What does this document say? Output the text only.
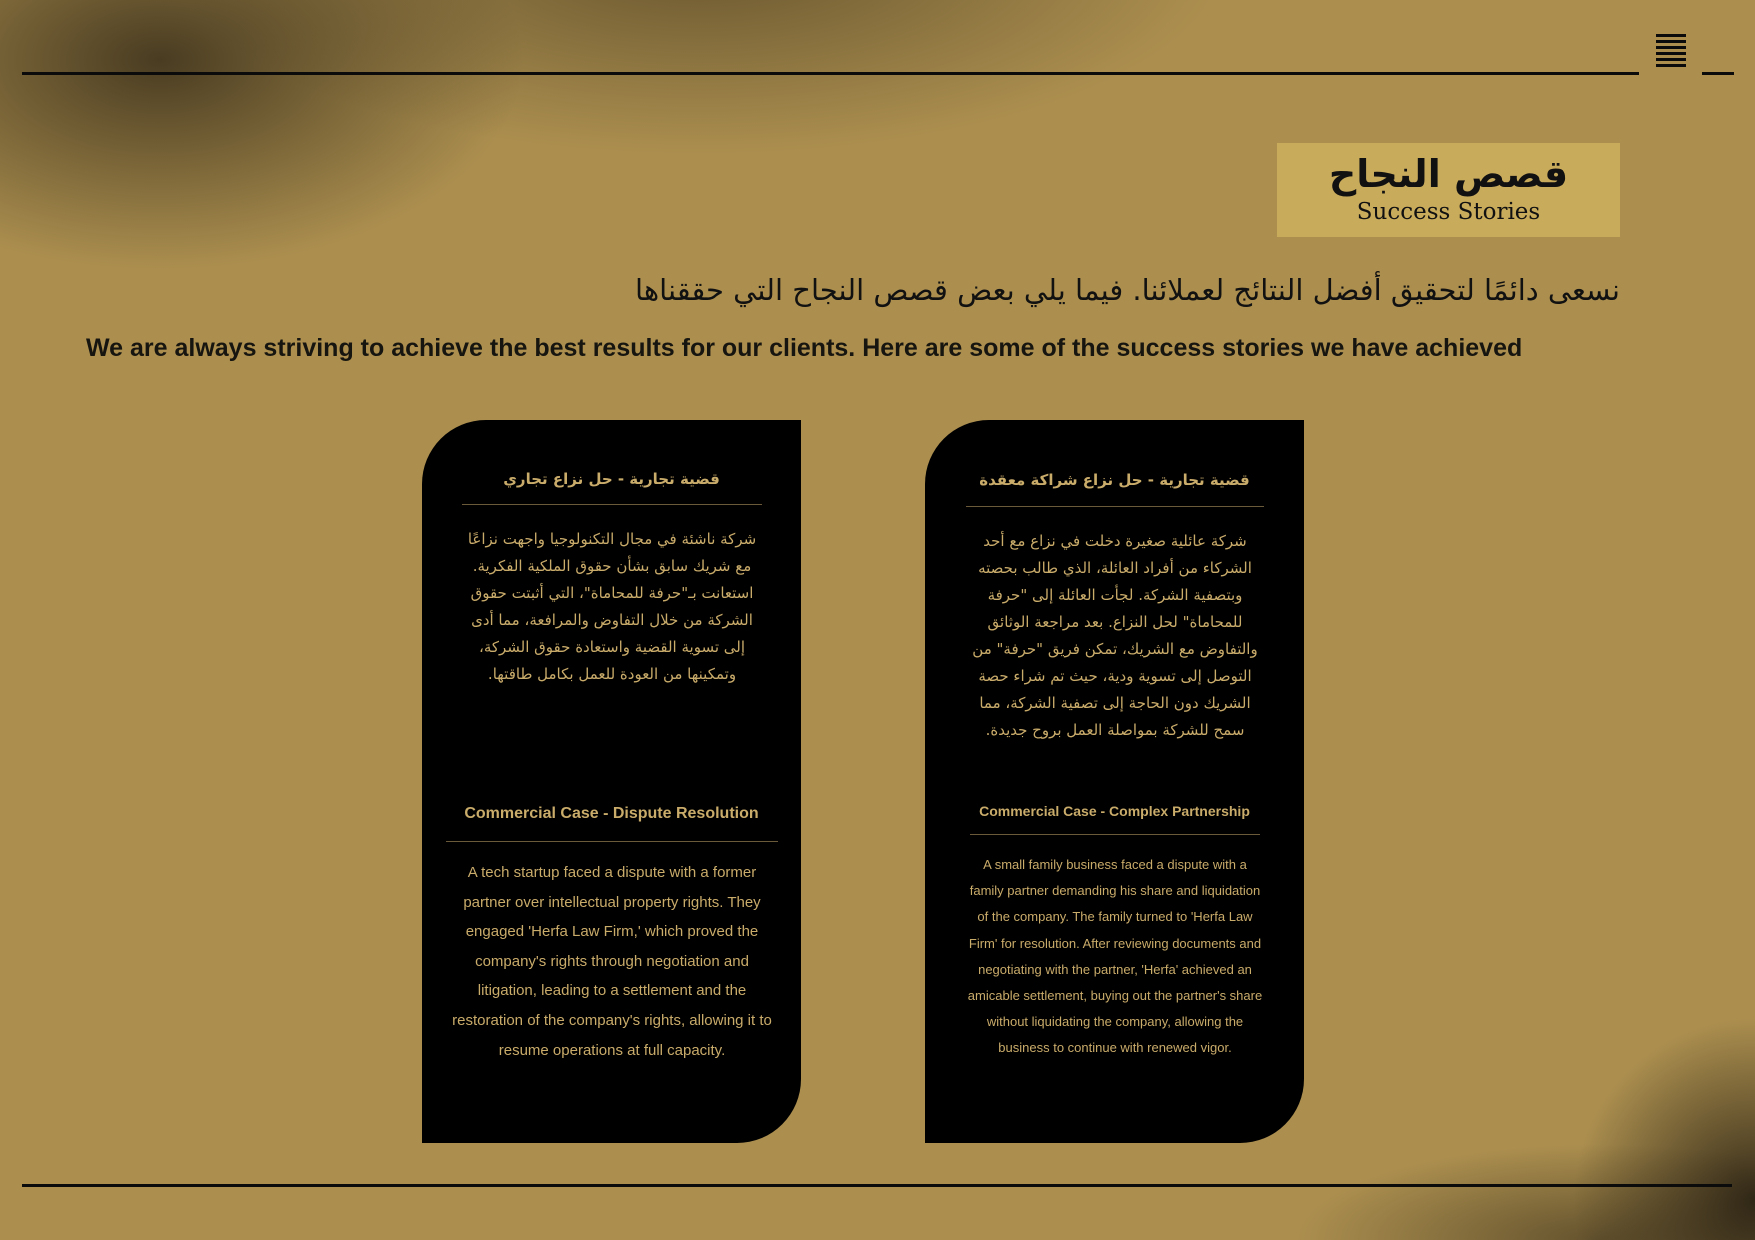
قصص النجاح
Success Stories
نسعى دائمًا لتحقيق أفضل النتائج لعملائنا. فيما يلي بعض قصص النجاح التي حققناها
We are always striving to achieve the best results for our clients. Here are some of the success stories we have achieved
قضية تجارية - حل نزاع تجاري
شركة ناشئة في مجال التكنولوجيا واجهت نزاعًا مع شريك سابق بشأن حقوق الملكية الفكرية. استعانت بـ"حرفة للمحاماة"، التي أثبتت حقوق الشركة من خلال التفاوض والمرافعة، مما أدى إلى تسوية القضية واستعادة حقوق الشركة، وتمكينها من العودة للعمل بكامل طاقتها.
Commercial Case - Dispute Resolution
A tech startup faced a dispute with a former partner over intellectual property rights. They engaged 'Herfa Law Firm,' which proved the company's rights through negotiation and litigation, leading to a settlement and the restoration of the company's rights, allowing it to resume operations at full capacity.
قضية تجارية - حل نزاع شراكة معقدة
شركة عائلية صغيرة دخلت في نزاع مع أحد الشركاء من أفراد العائلة، الذي طالب بحصته وبتصفية الشركة. لجأت العائلة إلى "حرفة للمحاماة" لحل النزاع. بعد مراجعة الوثائق والتفاوض مع الشريك، تمكن فريق "حرفة" من التوصل إلى تسوية ودية، حيث تم شراء حصة الشريك دون الحاجة إلى تصفية الشركة، مما سمح للشركة بمواصلة العمل بروح جديدة.
Commercial Case - Complex Partnership
A small family business faced a dispute with a family partner demanding his share and liquidation of the company. The family turned to 'Herfa Law Firm' for resolution. After reviewing documents and negotiating with the partner, 'Herfa' achieved an amicable settlement, buying out the partner's share without liquidating the company, allowing the business to continue with renewed vigor.
